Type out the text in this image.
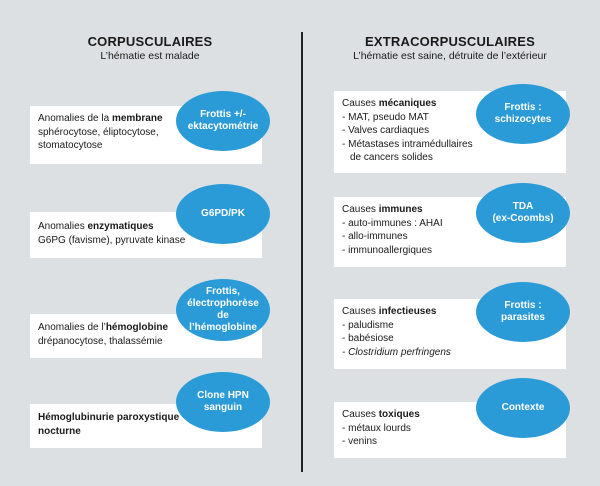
CORPUSCULAIRES
L’hématie est malade
EXTRACORPUSCULAIRES
L’hématie est saine, détruite de l’extérieur
Anomalies de la membrane
sphérocytose, éliptocytose,
stomatocytose
Frottis +/-
ektacytométrie
Anomalies enzymatiques
G6PG (favisme), pyruvate kinase
G6PD/PK
Anomalies de l’hémoglobine
drépanocytose, thalassémie
Frottis,
électrophorèse
de l’hémoglobine
Hémoglubinurie paroxystique
nocturne
Clone HPN
sanguin
Causes mécaniques
- MAT, pseudo MAT
- Valves cardiaques
- Métastases intramédullaires
de cancers solides
Frottis :
schizocytes
Causes immunes
- auto-immunes : AHAI
- allo-immunes
- immunoallergiques
TDA
(ex-Coombs)
Causes infectieuses
- paludisme
- babésiose
- Clostridium perfringens
Frottis :
parasites
Causes toxiques
- métaux lourds
- venins
Contexte
